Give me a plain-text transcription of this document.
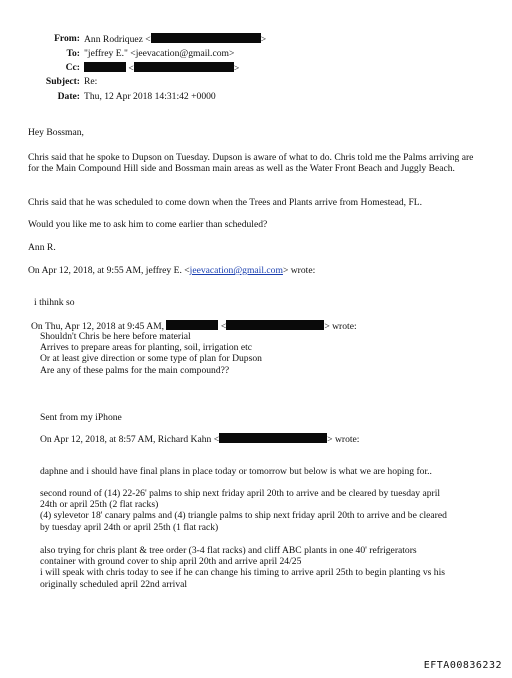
From: Ann Rodriquez <	>
To: "jeffrey E." <jeevacation@gmail.com>
Cc:	<	>
Subject: Re:
Date: Thu, 12 Apr 2018 14:31:42 +0000
Hey Bossman,
Chris said that he spoke to Dupson on Tuesday. Dupson is aware of what to do. Chris told me the Palms arriving are for the Main Compound Hill side and Bossman main areas as well as the Water Front Beach and Juggly Beach.
Chris said that he was scheduled to come down when the Trees and Plants arrive from Homestead, FL.
Would you like me to ask him to come earlier than scheduled?
Ann R.
On Apr 12, 2018, at 9:55 AM, jeffrey E. <jeevacation@gmail.com> wrote:
i thihnk so
On Thu, Apr 12, 2018 at 9:45 AM,	<	> wrote:
Shouldn't Chris be here before material
Arrives to prepare areas for planting, soil, irrigation etc
Or at least give direction or some type of plan for Dupson
Are any of these palms for the main compound??
Sent from my iPhone
On Apr 12, 2018, at 8:57 AM, Richard Kahn <	> wrote:
daphne and i should have final plans in place today or tomorrow but below is what we are hoping for..
second round of (14) 22-26' palms to ship next friday april 20th to arrive and be cleared by tuesday april
24th or april 25th (2 flat racks)
(4) sylevetor 18' canary palms and (4) triangle palms to ship next friday april 20th to arrive and be cleared
by tuesday april 24th or april 25th (1 flat rack)
also trying for chris plant & tree order (3-4 flat racks) and cliff ABC plants in one 40' refrigerators
container with ground cover to ship april 20th and arrive april 24/25
i will speak with chris today to see if he can change his timing to arrive april 25th to begin planting vs his
originally scheduled april 22nd arrival
EFTA00836232
